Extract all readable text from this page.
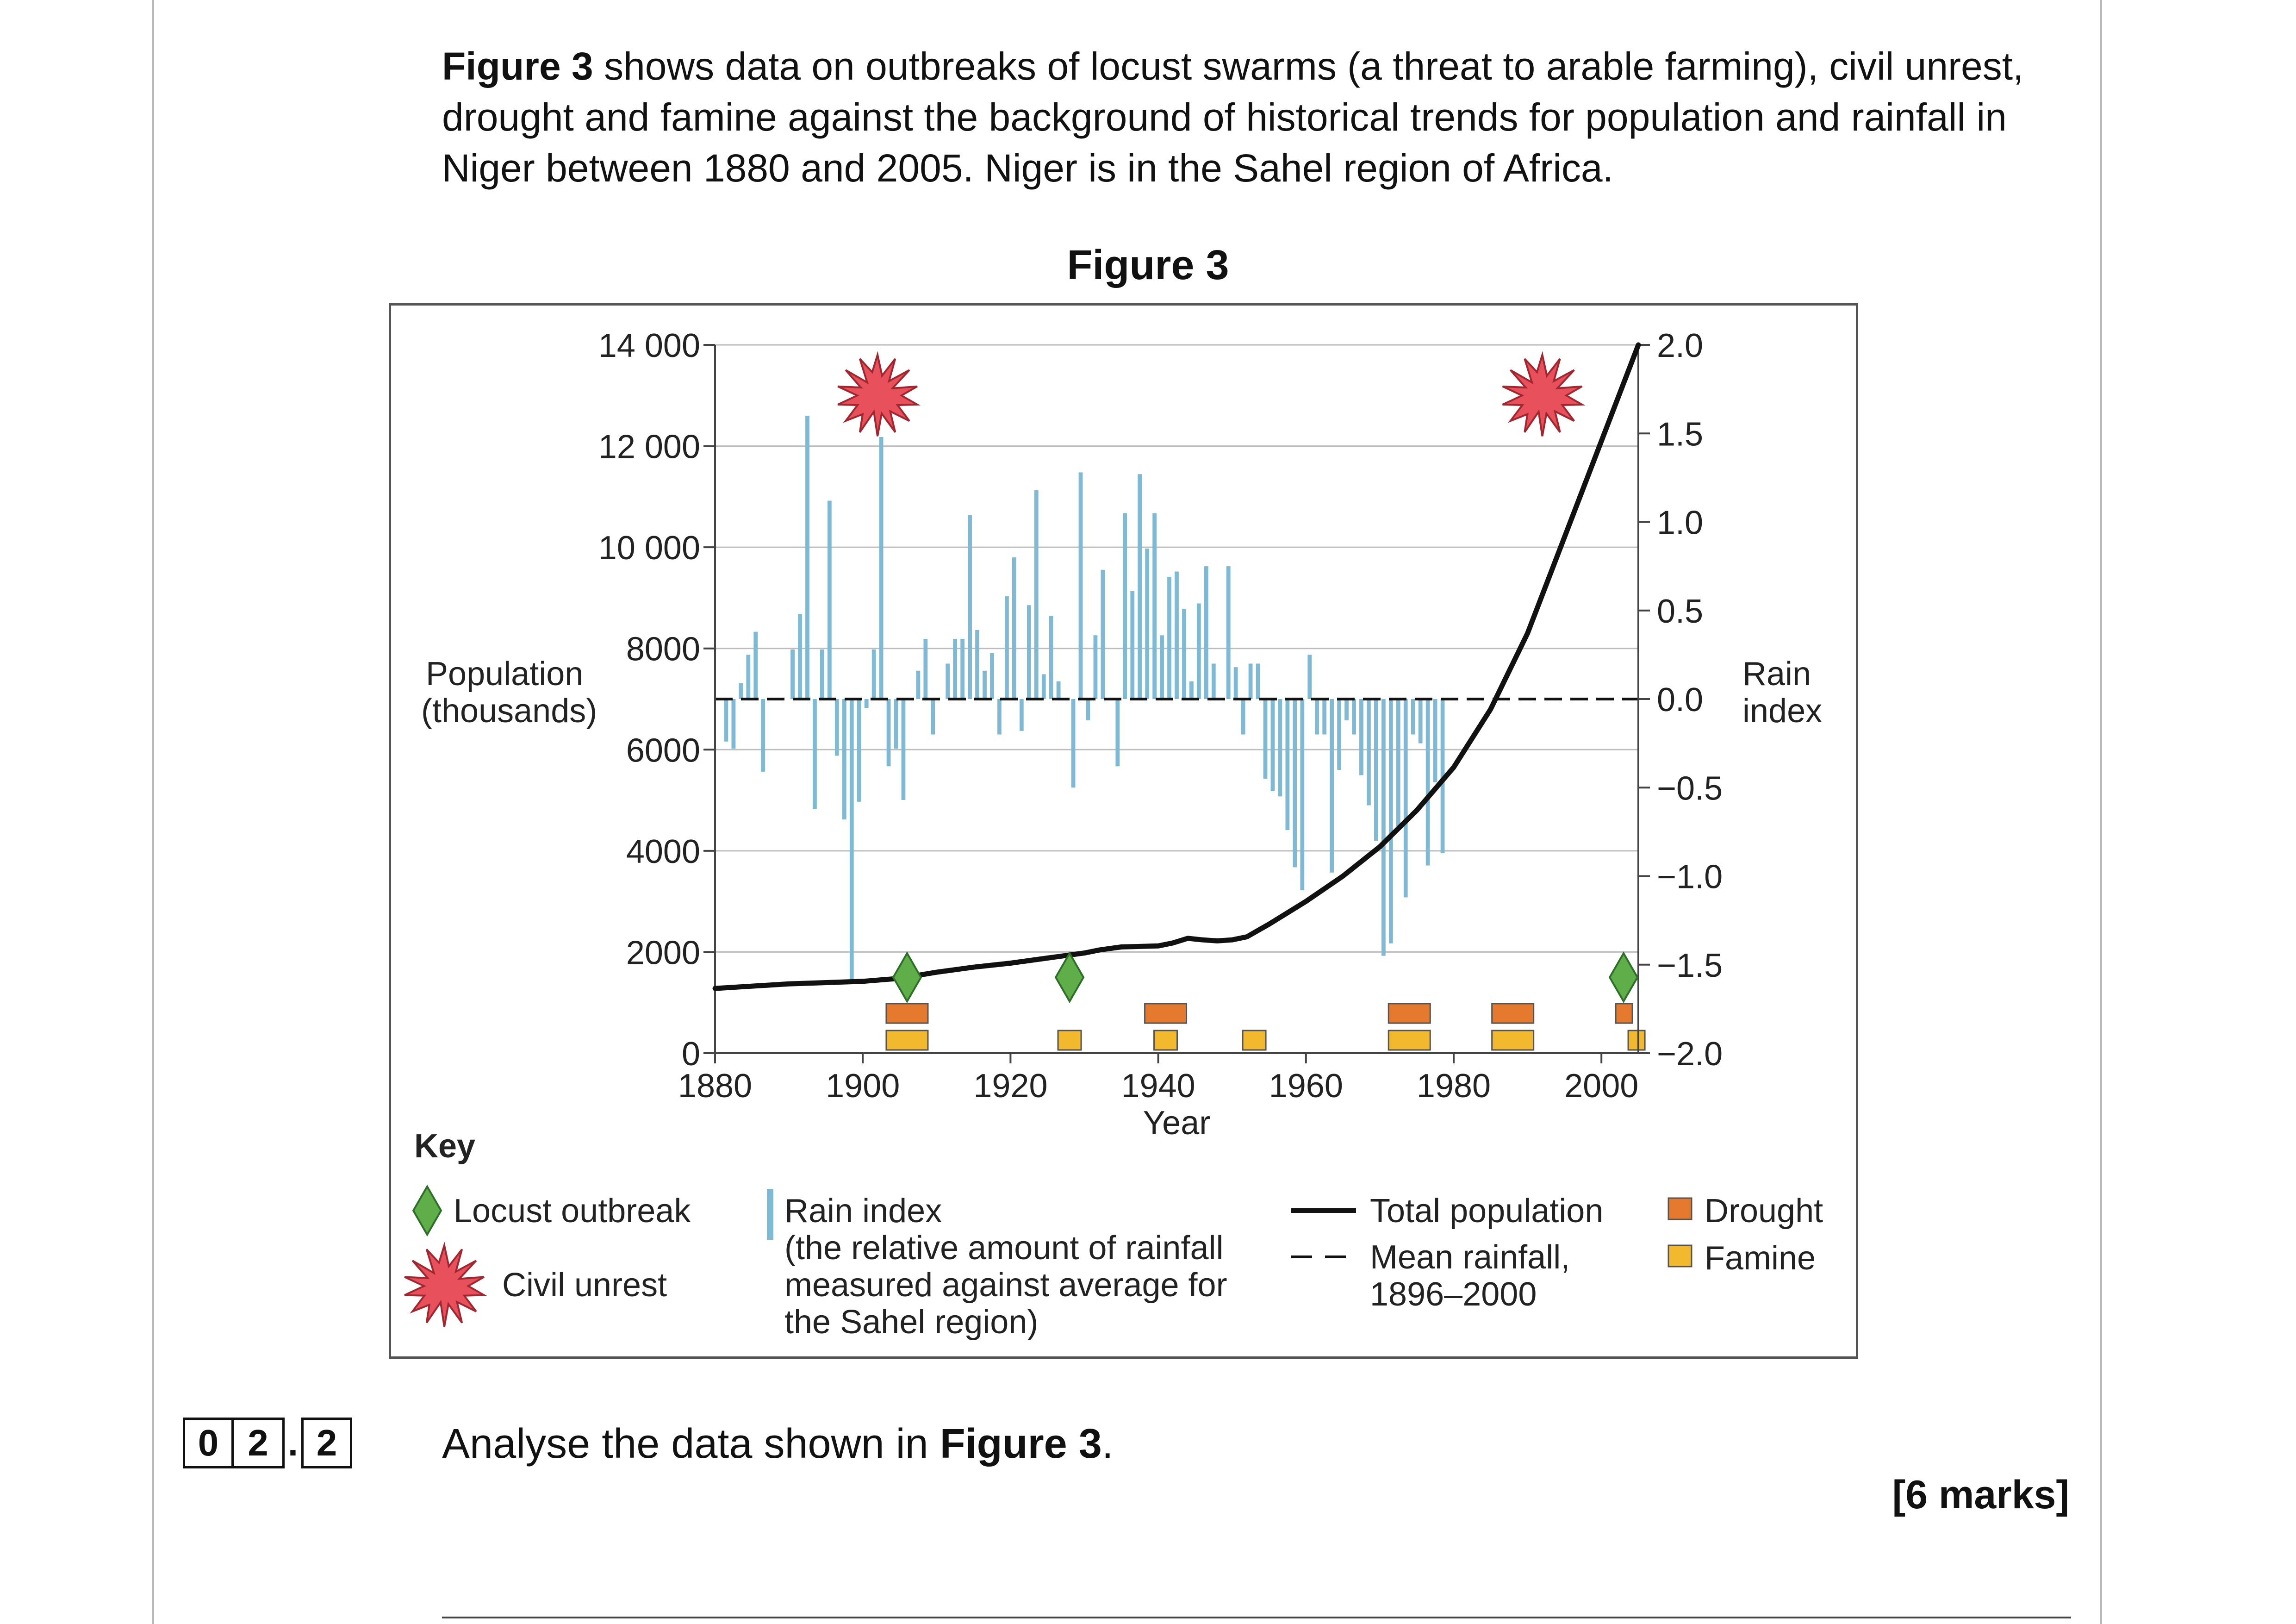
Figure 3 shows data on outbreaks of locust swarms (a threat to arable farming), civil unrest, drought and famine against the background of historical trends for population and rainfall in Niger between 1880 and 2005. Niger is in the Sahel region of Africa.
Figure 3
0
2000
4000
6000
8000
10 000
12 000
14 000
−2.0
−1.5
−1.0
−0.5
0.0
0.5
1.0
1.5
2.0
1880 1900 1920 1940 1960 1980 2000
Year
Population
(thousands)
Rain
index
Key
Locust outbreak
Civil unrest
Rain index
(the relative amount of rainfall
measured against average for
the Sahel region)
Total population
Mean rainfall,
1896–2000
Drought
Famine
0 2 . 2	Analyse the data shown in Figure 3.
[6 marks]
